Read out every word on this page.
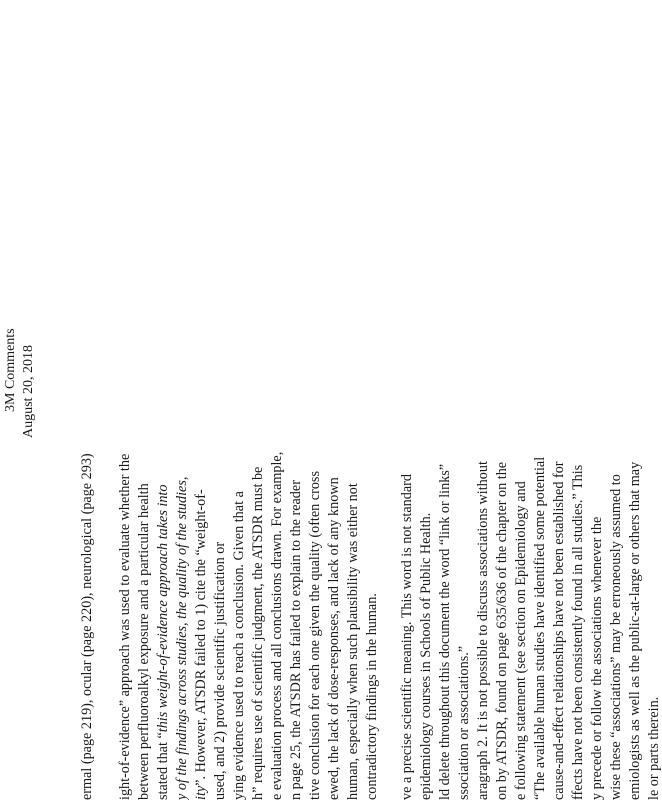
3M Comments August 20, 2018
ermal (page 219), ocular (page 220), neurological (page 293) ight-of-evidence” approach was used to evaluate whether the between perfluoroalkyl exposure and a particular health stated that “this weight-of-evidence approach takes into y of the findings across studies, the quality of the studies, ity”. However, ATSDR failed to 1) cite the “weight-of- used, and 2) provide scientific justification or ying evidence used to reach a conclusion. Given that a h” requires use of scientific judgment, the ATSDR must be e evaluation process and all conclusions drawn. For example, n page 25, the ATSDR has failed to explain to the reader tive conclusion for each one given the quality (often cross ewed, the lack of dose-responses, and lack of any known human, especially when such plausibility was either not contradictory findings in the human. ve a precise scientific meaning. This word is not standard epidemiology courses in Schools of Public Health. ld delete throughout this document the word “link or links” ssociation or associations.” aragraph 2. It is not possible to discuss associations without on by ATSDR, found on page 635/636 of the chapter on the e following statement (see section on Epidemiology and “The available human studies have identified some potential cause-and-effect relationships have not been established for ffects have not been consistently found in all studies.” This y precede or follow the associations whenever the wise these “associations” may be erroneously assumed to emiologists as well as the public-at-large or others that may le or parts therein.
